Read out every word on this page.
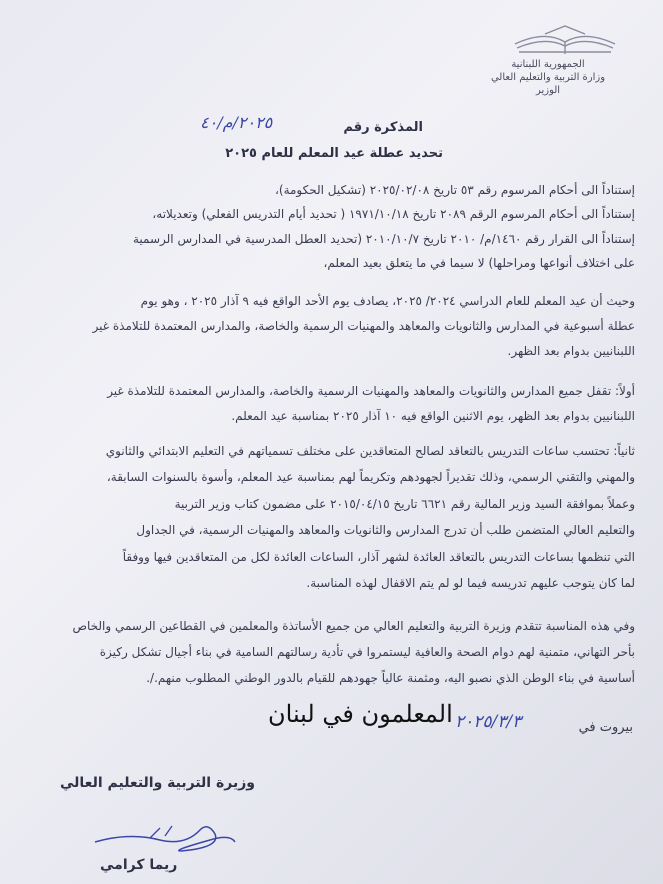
الجمهورية اللبنانية
وزارة التربية والتعليم العالي
الوزير
المذكرة رقم
٢٠٢٥/م/٤٠
تحديد عطلة عيد المعلم للعام ٢٠٢٥
إستناداً الى أحكام المرسوم رقم ٥٣ تاريخ ٢٠٢٥/٠٢/٠٨ (تشكيل الحكومة)،
إستناداً الى أحكام المرسوم الرقم ٢٠٨٩ تاريخ ١٩٧١/١٠/١٨ ( تحديد أيام التدريس الفعلي) وتعديلاته،
إستناداً الى القرار رقم ١٤٦٠/م/ ٢٠١٠ تاريخ ٢٠١٠/١٠/٧ (تحديد العطل المدرسية في المدارس الرسمية
على اختلاف أنواعها ومراحلها) لا سيما في ما يتعلق بعيد المعلم،
وحيث أن عيد المعلم للعام الدراسي ٢٠٢٤/ ٢٠٢٥، يصادف يوم الأحد الواقع فيه ٩ آذار ٢٠٢٥ ، وهو يوم
عطلة أسبوعية في المدارس والثانويات والمعاهد والمهنيات الرسمية والخاصة، والمدارس المعتمدة للتلامذة غير
اللبنانيين بدوام بعد الظهر.
أولاً: تقفل جميع المدارس والثانويات والمعاهد والمهنيات الرسمية والخاصة، والمدارس المعتمدة للتلامذة غير
اللبنانيين بدوام بعد الظهر، يوم الاثنين الواقع فيه ١٠ آذار ٢٠٢٥ بمناسبة عيد المعلم.
ثانياً: تحتسب ساعات التدريس بالتعاقد لصالح المتعاقدين على مختلف تسمياتهم في التعليم الابتدائي والثانوي
والمهني والتقني الرسمي، وذلك تقديراً لجهودهم وتكريماً لهم بمناسبة عيد المعلم، وأسوة بالسنوات السابقة،
وعملاً بموافقة السيد وزير المالية رقم ٦٦٢١ تاريخ ٢٠١٥/٠٤/١٥ على مضمون كتاب وزير التربية
والتعليم العالي المتضمن طلب أن تدرج المدارس والثانويات والمعاهد والمهنيات الرسمية، في الجداول
التي تنظمها بساعات التدريس بالتعاقد العائدة لشهر آذار، الساعات العائدة لكل من المتعاقدين فيها ووفقاً
لما كان يتوجب عليهم تدريسه فيما لو لم يتم الاقفال لهذه المناسبة.
وفي هذه المناسبة تتقدم وزيرة التربية والتعليم العالي من جميع الأساتذة والمعلمين في القطاعين الرسمي والخاص
بأحر التهاني، متمنية لهم دوام الصحة والعافية ليستمروا في تأدية رسالتهم السامية في بناء أجيال تشكل ركيزة
أساسية في بناء الوطن الذي نصبو اليه، ومثمنة عالياً جهودهم للقيام بالدور الوطني المطلوب منهم./.
بيروت في
٢٠٢٥/٣/٣
المعلمون في لبنان
وزيرة التربية والتعليم العالي
ريما كرامي
